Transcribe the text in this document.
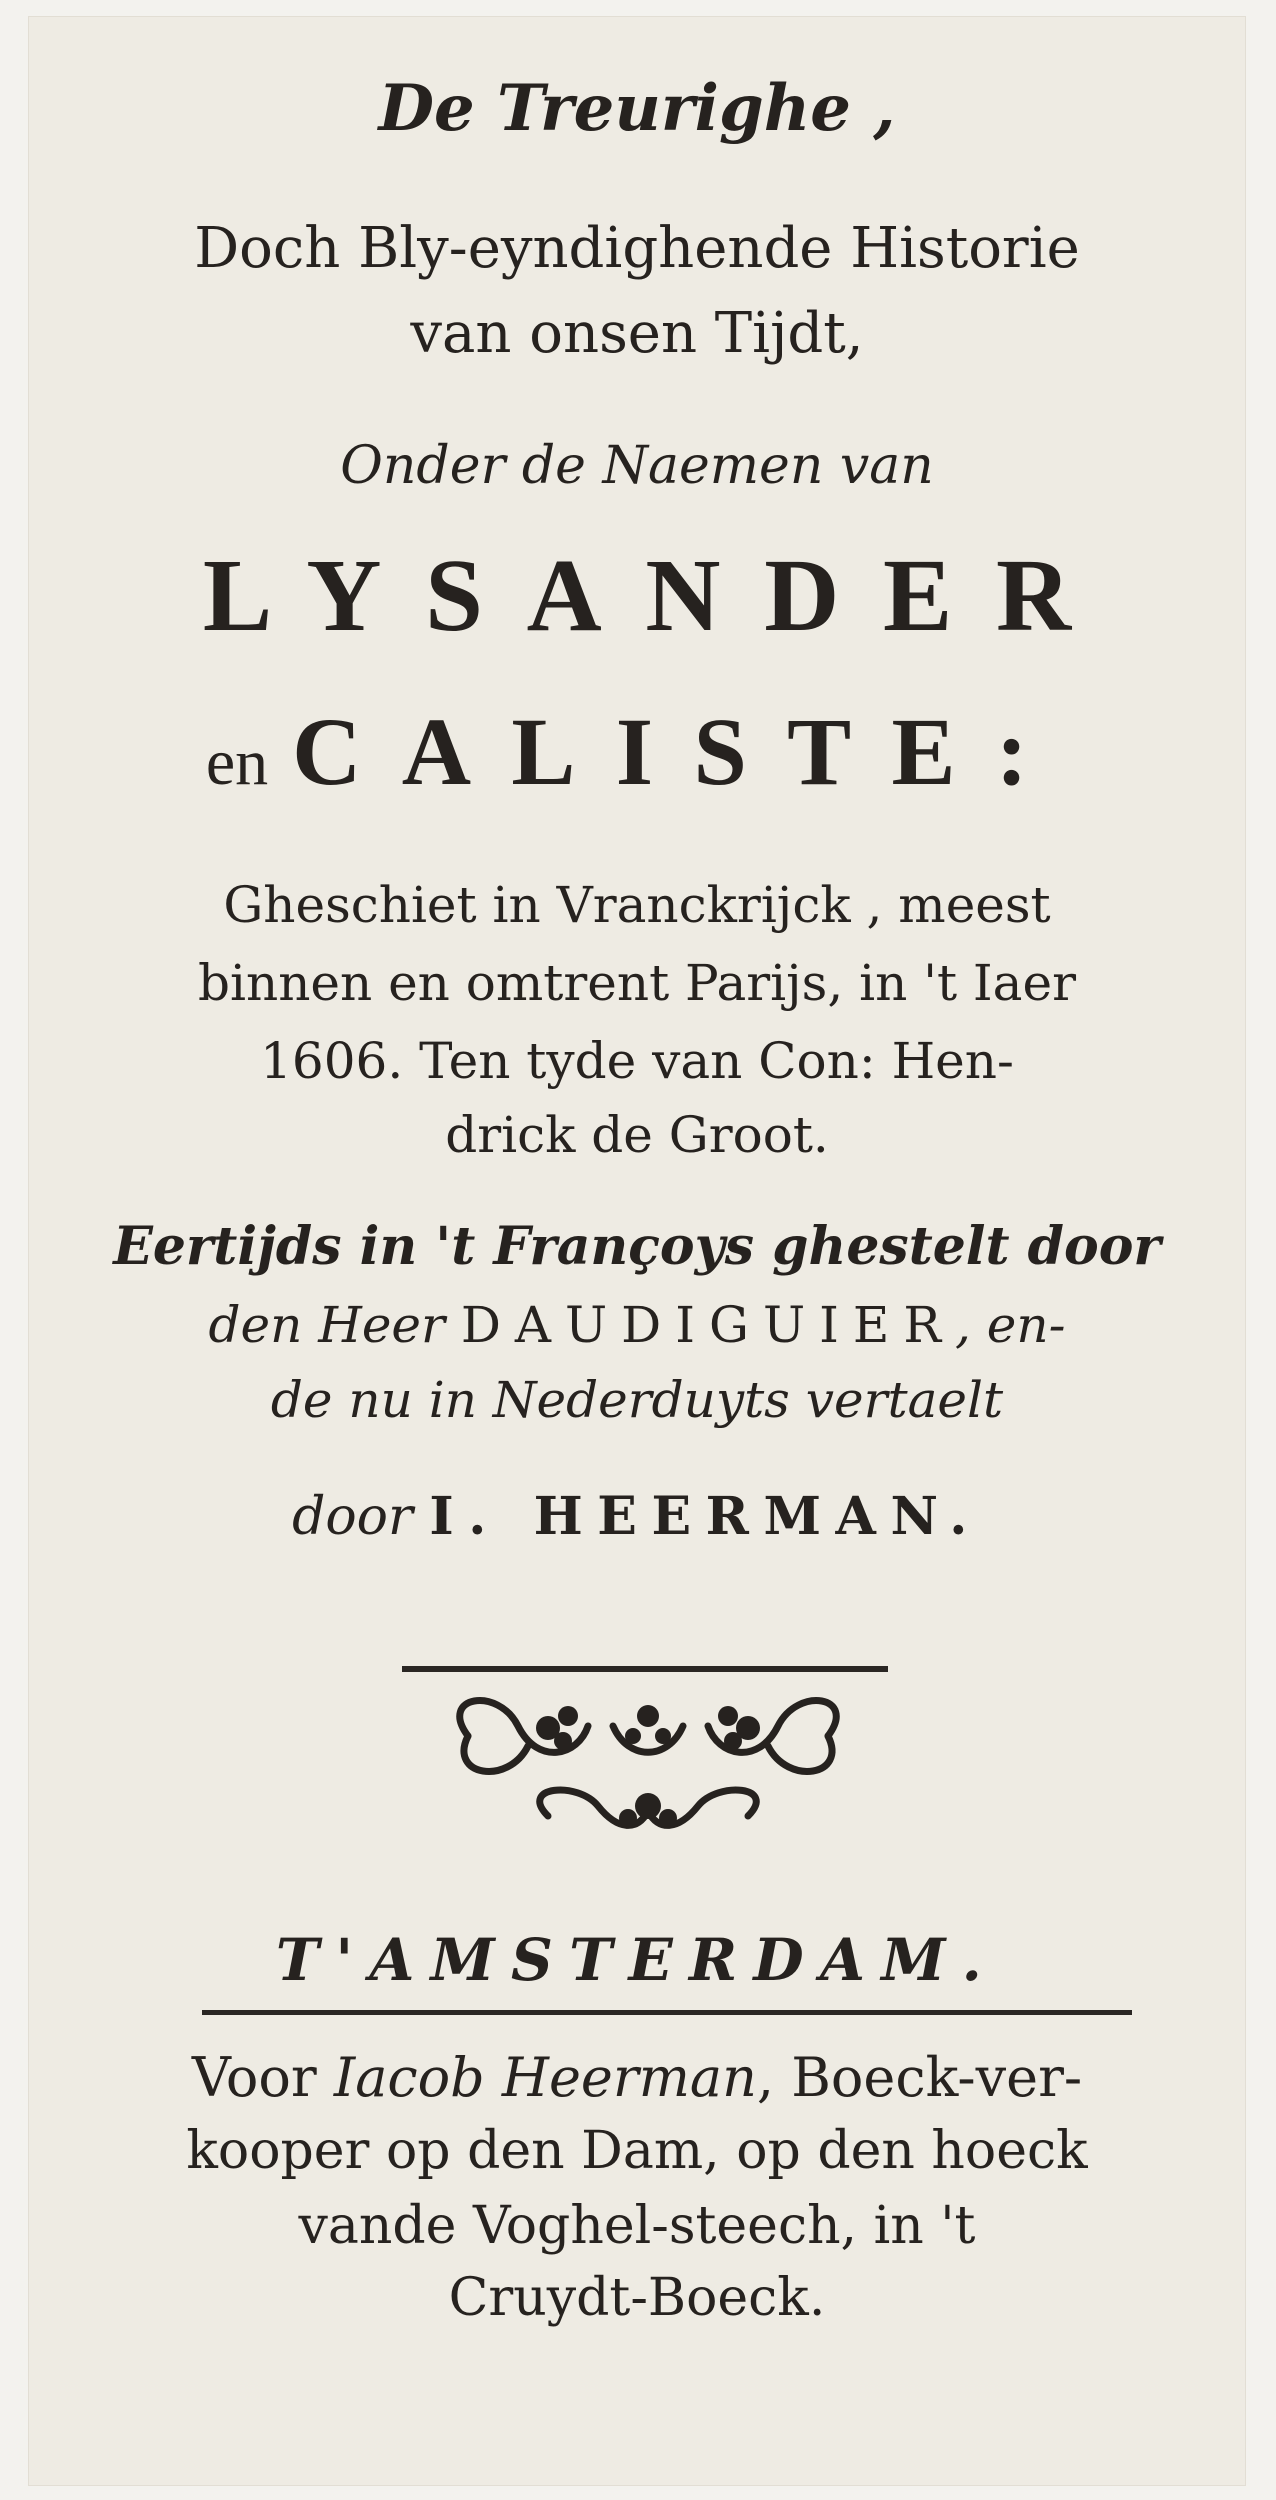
De Treurighe ,
Doch Bly-eyndighende Historie
van onsen Tijdt,
Onder de Naemen van
LYSANDER
en CALISTE:
Gheschiet in Vranckrijck , meest
binnen en omtrent Parijs, in 't Iaer
1606. Ten tyde van Con: Hen-
drick de Groot.
Eertijds in 't Françoys ghestelt door
den Heer DAUDIGUIER, en-
de nu in Nederduyts vertaelt
door I. HEERMAN.
T'AMSTERDAM.
Voor Iacob Heerman, Boeck-ver-
kooper op den Dam, op den hoeck
vande Voghel-steech, in 't
Cruydt-Boeck.
